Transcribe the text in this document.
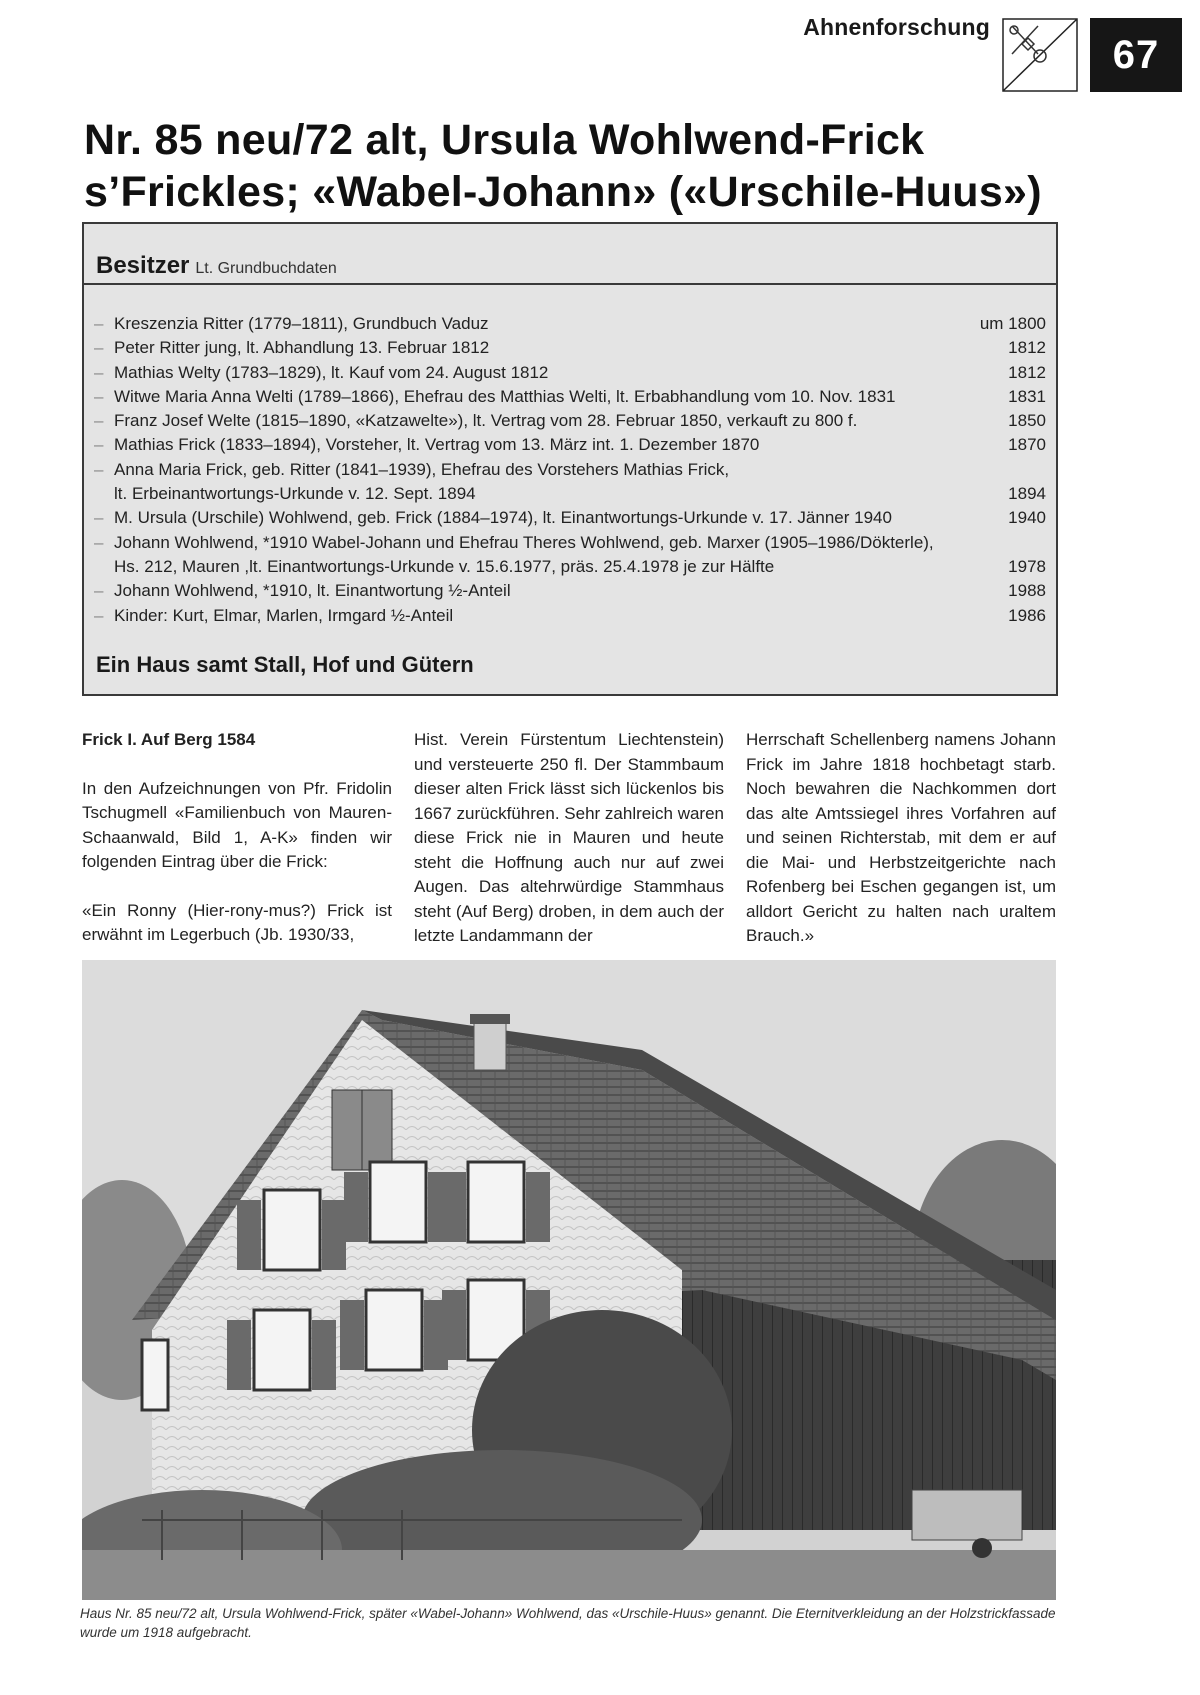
Ahnenforschung
67
Nr. 85 neu/72 alt, Ursula Wohlwend-Frick
s’Frickles; «Wabel-Johann» («Urschile-Huus»)
Besitzer Lt. Grundbuchdaten
– Kreszenzia Ritter (1779–1811), Grundbuch Vaduz	um 1800
– Peter Ritter jung, lt. Abhandlung 13. Februar 1812	1812
– Mathias Welty (1783–1829), lt. Kauf vom 24. August 1812	1812
– Witwe Maria Anna Welti (1789–1866), Ehefrau des Matthias Welti, lt. Erbabhandlung vom 10. Nov. 1831	1831
– Franz Josef Welte (1815–1890, «Katzawelte»), lt. Vertrag vom 28. Februar 1850, verkauft zu 800 f.	1850
– Mathias Frick (1833–1894), Vorsteher, lt. Vertrag vom 13. März int. 1. Dezember 1870	1870
– Anna Maria Frick, geb. Ritter (1841–1939), Ehefrau des Vorstehers Mathias Frick,
lt. Erbeinantwortungs-Urkunde v. 12. Sept. 1894	1894
– M. Ursula (Urschile) Wohlwend, geb. Frick (1884–1974), lt. Einantwortungs-Urkunde v. 17. Jänner 1940	1940
– Johann Wohlwend, *1910 Wabel-Johann und Ehefrau Theres Wohlwend, geb. Marxer (1905–1986/Dökterle),
Hs. 212, Mauren ,lt. Einantwortungs-Urkunde v. 15.6.1977, präs. 25.4.1978 je zur Hälfte	1978
– Johann Wohlwend, *1910, lt. Einantwortung ½-Anteil	1988
– Kinder: Kurt, Elmar, Marlen, Irmgard ½-Anteil	1986
Ein Haus samt Stall, Hof und Gütern

Frick I. Auf Berg 1584

In den Aufzeichnungen von Pfr. Fridolin Tschugmell «Familienbuch von Mauren-Schaanwald, Bild 1, A-K» finden wir folgenden Eintrag über die Frick:

«Ein Ronny (Hier-rony-mus?) Frick ist erwähnt im Legerbuch (Jb. 1930/33,

Hist. Verein Fürstentum Liechtenstein) und versteuerte 250 fl. Der Stammbaum dieser alten Frick lässt sich lückenlos bis 1667 zurückführen. Sehr zahlreich waren diese Frick nie in Mauren und heute steht die Hoffnung auch nur auf zwei Augen. Das altehrwürdige Stammhaus steht (Auf Berg) droben, in dem auch der letzte Landammann der

Herrschaft Schellenberg namens Johann Frick im Jahre 1818 hochbetagt starb. Noch bewahren die Nachkommen dort das alte Amtssiegel ihres Vorfahren auf und seinen Richterstab, mit dem er auf die Mai- und Herbstzeitgerichte nach Rofenberg bei Eschen gegangen ist, um alldort Gericht zu halten nach uraltem Brauch.»

Haus Nr. 85 neu/72 alt, Ursula Wohlwend-Frick, später «Wabel-Johann» Wohlwend, das «Urschile-Huus» genannt. Die Eternitverkleidung an der Holzstrickfassade wurde um 1918 aufgebracht.
